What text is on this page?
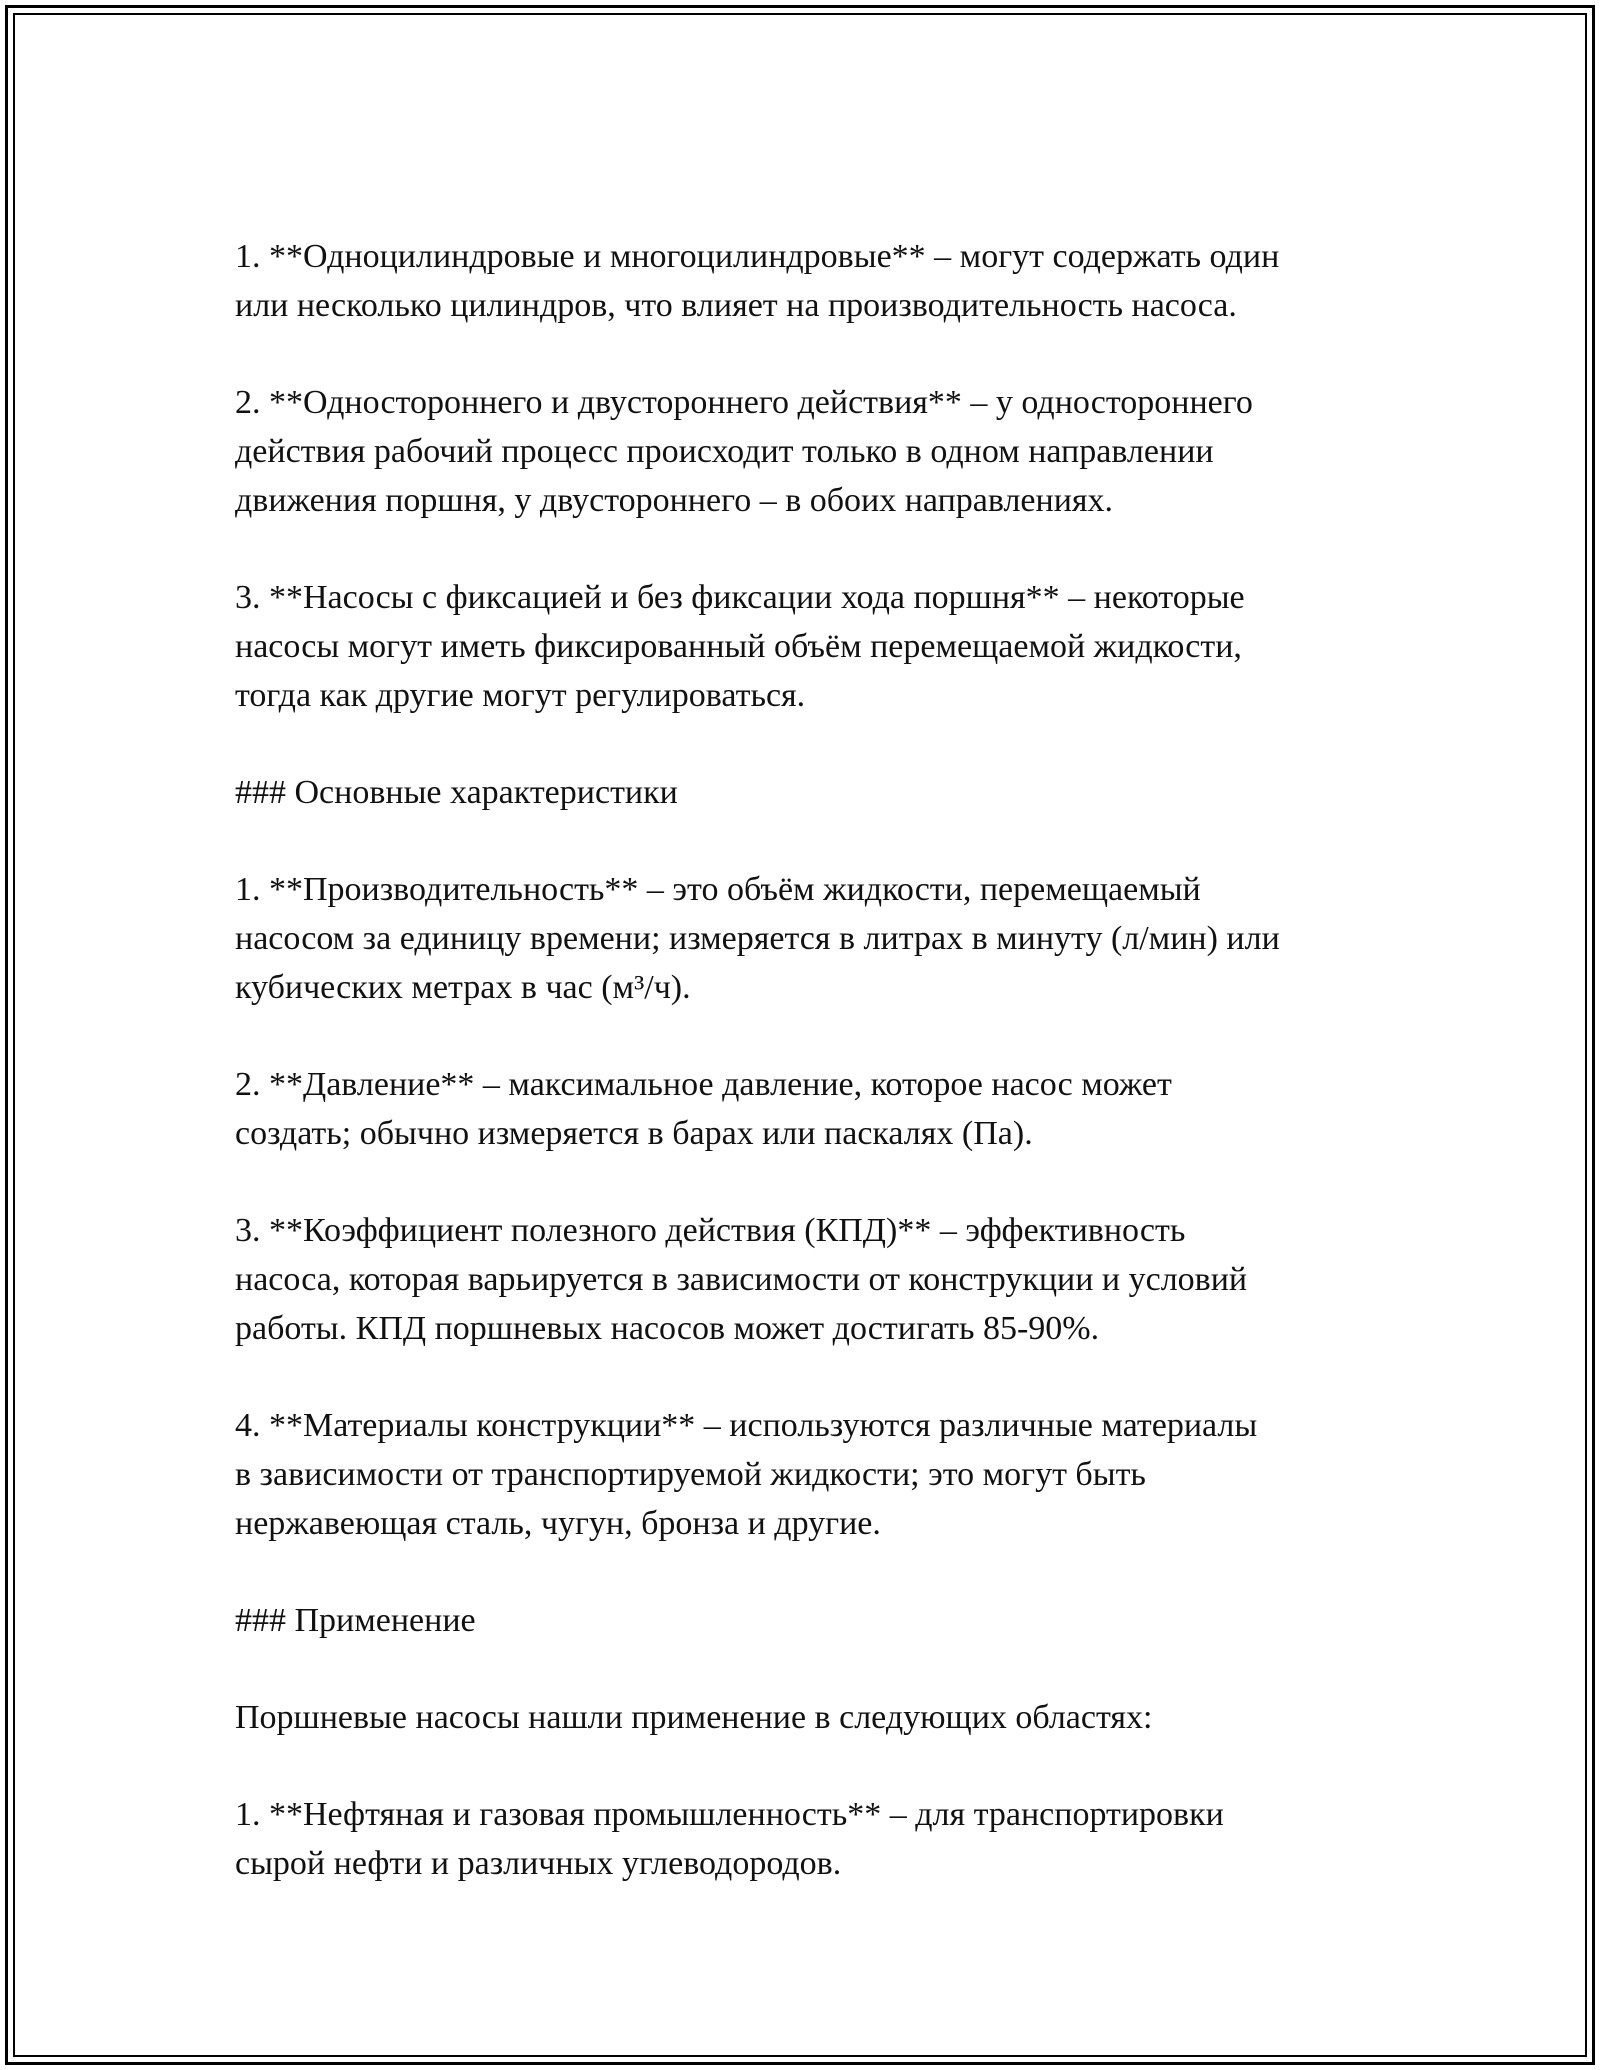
1. **Одноцилиндровые и многоцилиндровые** – могут содержать один
или несколько цилиндров, что влияет на производительность насоса.

2. **Одностороннего и двустороннего действия** – у одностороннего
действия рабочий процесс происходит только в одном направлении
движения поршня, у двустороннего – в обоих направлениях.

3. **Насосы с фиксацией и без фиксации хода поршня** – некоторые
насосы могут иметь фиксированный объём перемещаемой жидкости,
тогда как другие могут регулироваться.

### Основные характеристики

1. **Производительность** – это объём жидкости, перемещаемый
насосом за единицу времени; измеряется в литрах в минуту (л/мин) или
кубических метрах в час (м³/ч).

2. **Давление** – максимальное давление, которое насос может
создать; обычно измеряется в барах или паскалях (Па).

3. **Коэффициент полезного действия (КПД)** – эффективность
насоса, которая варьируется в зависимости от конструкции и условий
работы. КПД поршневых насосов может достигать 85-90%.

4. **Материалы конструкции** – используются различные материалы
в зависимости от транспортируемой жидкости; это могут быть
нержавеющая сталь, чугун, бронза и другие.

### Применение

Поршневые насосы нашли применение в следующих областях:

1. **Нефтяная и газовая промышленность** – для транспортировки
сырой нефти и различных углеводородов.
